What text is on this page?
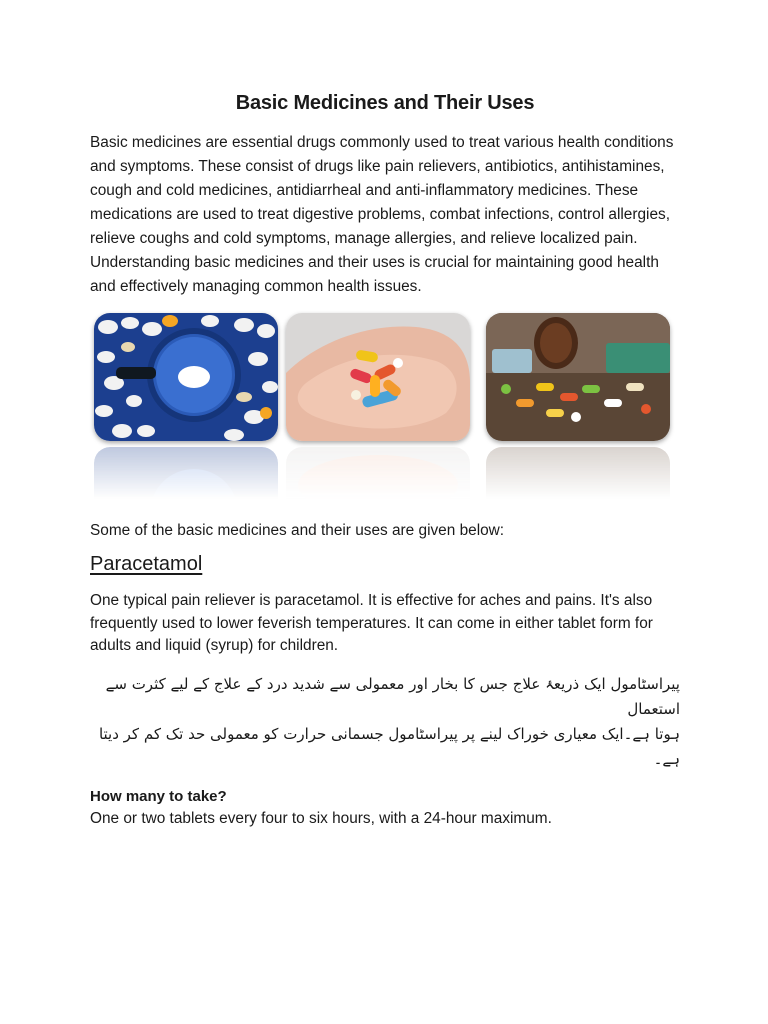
Basic Medicines and Their Uses

Basic medicines are essential drugs commonly used to treat various health conditions and symptoms. These consist of drugs like pain relievers, antibiotics, antihistamines, cough and cold medicines, antidiarrheal and anti-inflammatory medicines. These medications are used to treat digestive problems, combat infections, control allergies, relieve coughs and cold symptoms, manage allergies, and relieve localized pain. Understanding basic medicines and their uses is crucial for maintaining good health and effectively managing common health issues.

Some of the basic medicines and their uses are given below:

Paracetamol

One typical pain reliever is paracetamol. It is effective for aches and pains. It's also frequently used to lower feverish temperatures. It can come in either tablet form for adults and liquid (syrup) for children.

پیراسٹامول ایک ذریعۂ علاج جس کا بخار اور معمولی سے شدید درد کے علاج کے لیے کثرت سے استعمال
ہوتا ہے۔ایک معیاری خوراک لینے پر پیراسٹامول جسمانی حرارت کو معمولی حد تک کم کر دیتا ہے۔

How many to take?

One or two tablets every four to six hours, with a 24-hour maximum.
